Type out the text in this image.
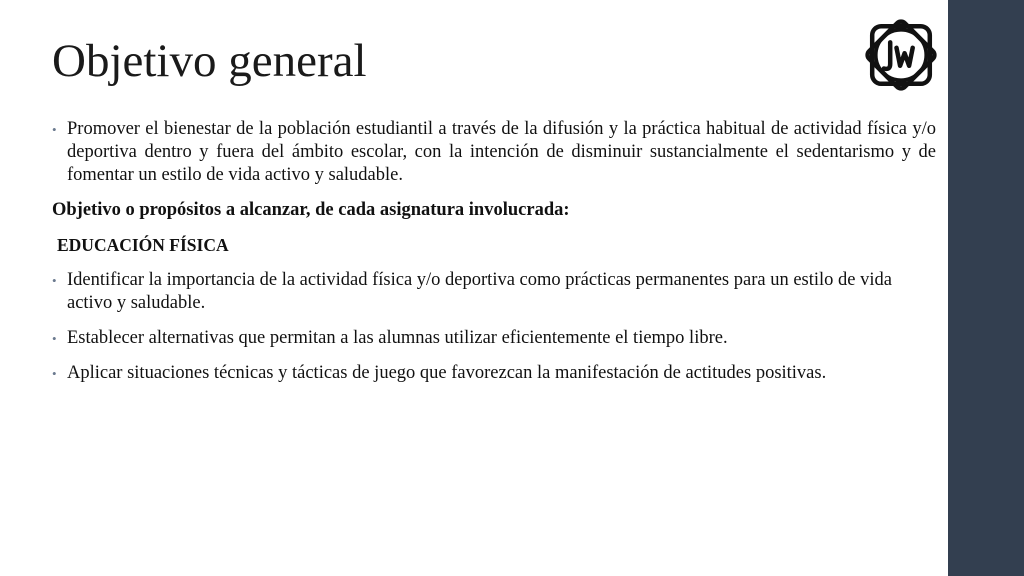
Objetivo general

• Promover el bienestar de la población estudiantil a través de la difusión y la práctica habitual de actividad física y/o deportiva dentro y fuera del ámbito escolar, con la intención de disminuir sustancialmente el sedentarismo y de fomentar un estilo de vida activo y saludable.

Objetivo o propósitos a alcanzar, de cada asignatura involucrada:

EDUCACIÓN FÍSICA

• Identificar la importancia de la actividad física y/o deportiva como prácticas permanentes para un estilo de vida activo y saludable.

• Establecer alternativas que permitan a las alumnas utilizar eficientemente el tiempo libre.

• Aplicar situaciones técnicas y tácticas de juego que favorezcan la manifestación de actitudes positivas.
